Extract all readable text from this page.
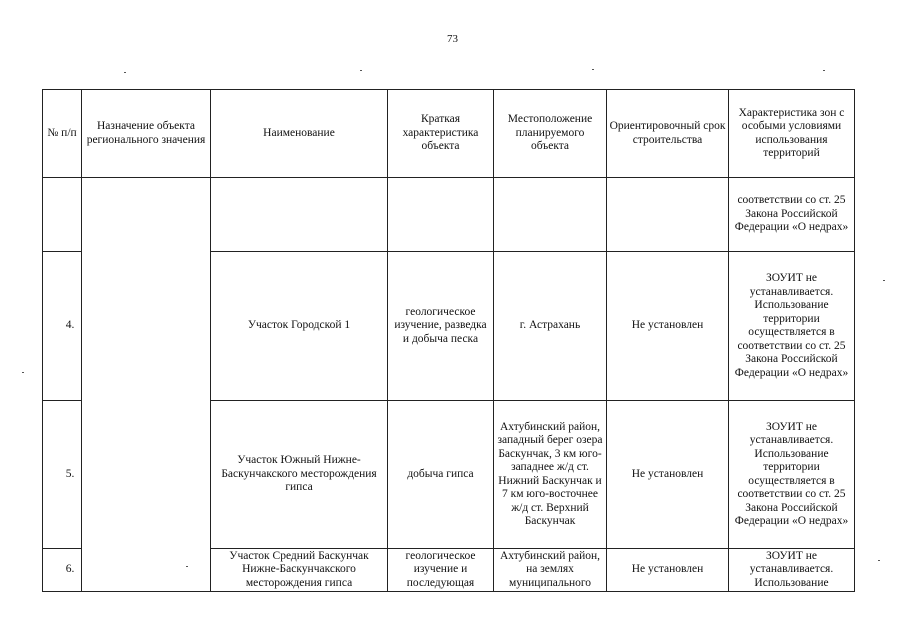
73
№ п/п	Назначение объекта регионального значения	Наименование	Краткая характеристика объекта	Местоположение планируемого объекта	Ориентировочный срок строительства	Характеристика зон с особыми условиями использования территорий
						соответствии со ст. 25 Закона Российской Федерации «О недрах»
4.		Участок Городской 1	геологическое изучение, разведка и добыча песка	г. Астрахань	Не установлен	ЗОУИТ не устанавливается. Использование территории осуществляется в соответствии со ст. 25 Закона Российской Федерации «О недрах»
5.		Участок Южный Нижне-Баскунчакского месторождения гипса	добыча гипса	Ахтубинский район, западный берег озера Баскунчак, 3 км юго-западнее ж/д ст. Нижний Баскунчак и 7 км юго-восточнее ж/д ст. Верхний Баскунчак	Не установлен	ЗОУИТ не устанавливается. Использование территории осуществляется в соответствии со ст. 25 Закона Российской Федерации «О недрах»
6.		Участок Средний Баскунчак Нижне-Баскунчакского месторождения гипса	геологическое изучение и последующая	Ахтубинский район, на землях муниципального	Не установлен	ЗОУИТ не устанавливается. Использование
